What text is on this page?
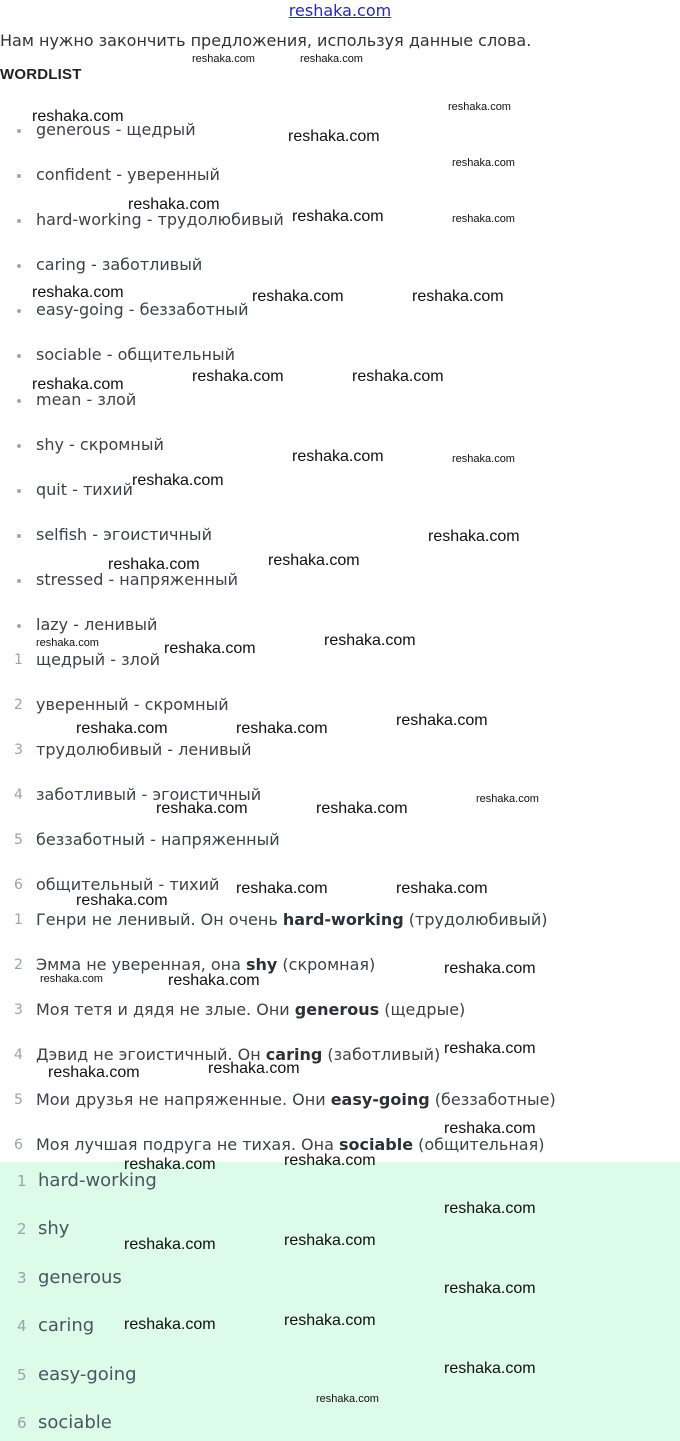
reshaka.com
Нам нужно закончить предложения, используя данные слова.
WORDLIST
generous - щедрый
confident - уверенный
hard-working - трудолюбивый
caring - заботливый
easy-going - беззаботный
sociable - общительный
mean - злой
shy - скромный
quit - тихий
selfish - эгоистичный
stressed - напряженный
lazy - ленивый
1 щедрый - злой
2 уверенный - скромный
3 трудолюбивый - ленивый
4 заботливый - эгоистичный
5 беззаботный - напряженный
6 общительный - тихий
1 Генри не ленивый. Он очень hard-working (трудолюбивый)
2 Эмма не уверенная, она shy (скромная)
3 Моя тетя и дядя не злые. Они generous (щедрые)
4 Дэвид не эгоистичный. Он caring (заботливый)
5 Мои друзья не напряженные. Они easy-going (беззаботные)
6 Моя лучшая подруга не тихая. Она sociable (общительная)
1 hard-working
2 shy
3 generous
4 caring
5 easy-going
6 sociable
reshaka.com	reshaka.com
reshaka.com
reshaka.com
reshaka.com
reshaka.com
reshaka.com
reshaka.com	reshaka.com
reshaka.com	reshaka.com	reshaka.com
reshaka.com	reshaka.com
reshaka.com
reshaka.com	reshaka.com
reshaka.com
reshaka.com
reshaka.com
reshaka.com
reshaka.com
reshaka.com	reshaka.com
reshaka.com
reshaka.com	reshaka.com
reshaka.com
reshaka.com	reshaka.com
reshaka.com	reshaka.com
reshaka.com
reshaka.com
reshaka.com	reshaka.com
reshaka.com
reshaka.com
reshaka.com
reshaka.com
reshaka.com
reshaka.com
reshaka.com
reshaka.com
reshaka.com
reshaka.com
reshaka.com
reshaka.com
reshaka.com
reshaka.com
